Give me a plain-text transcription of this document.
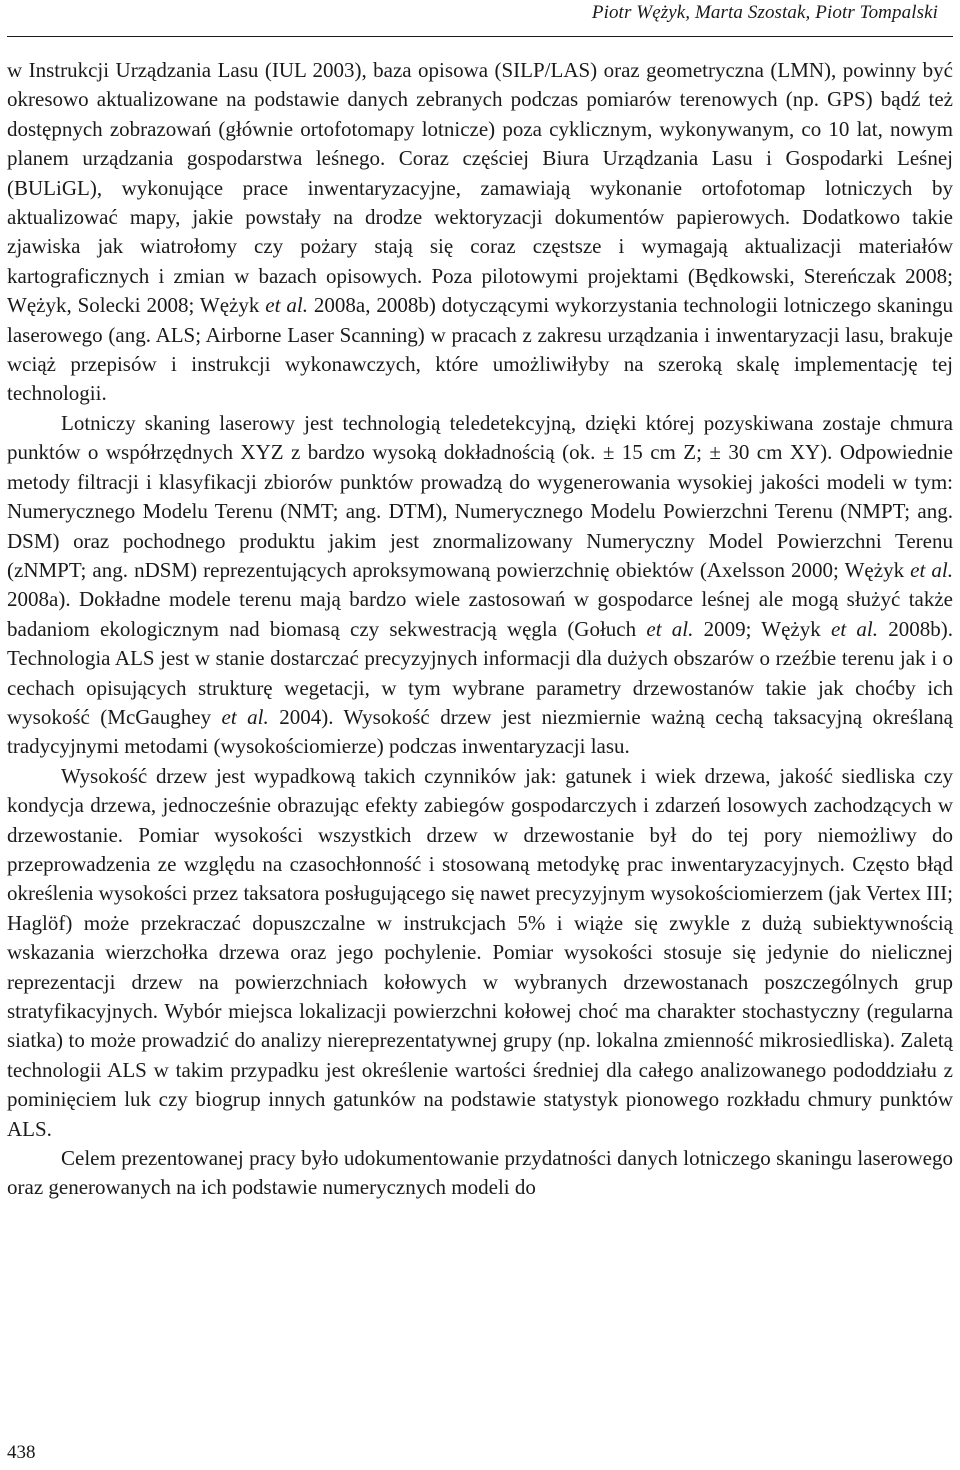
Piotr Wężyk, Marta Szostak, Piotr Tompalski

w Instrukcji Urządzania Lasu (IUL 2003), baza opisowa (SILP/LAS) oraz geometryczna (LMN), powinny być okresowo aktualizowane na podstawie danych zebranych podczas pomiarów terenowych (np. GPS) bądź też dostępnych zobrazowań (głównie ortofotomapy lotnicze) poza cyklicznym, wykonywanym, co 10 lat, nowym planem urządzania gospodarstwa leśnego. Coraz częściej Biura Urządzania Lasu i Gospodarki Leśnej (BULiGL), wykonujące prace inwentaryzacyjne, zamawiają wykonanie ortofotomap lotniczych by aktualizować mapy, jakie powstały na drodze wektoryzacji dokumentów papierowych. Dodatkowo takie zjawiska jak wiatrołomy czy pożary stają się coraz częstsze i wymagają aktualizacji materiałów kartograficznych i zmian w bazach opisowych. Poza pilotowymi projektami (Będkowski, Stereńczak 2008; Wężyk, Solecki 2008; Wężyk et al. 2008a, 2008b) dotyczącymi wykorzystania technologii lotniczego skaningu laserowego (ang. ALS; Airborne Laser Scanning) w pracach z zakresu urządzania i inwentaryzacji lasu, brakuje wciąż przepisów i instrukcji wykonawczych, które umożliwiłyby na szeroką skalę implementację tej technologii.

Lotniczy skaning laserowy jest technologią teledetekcyjną, dzięki której pozyskiwana zostaje chmura punktów o współrzędnych XYZ z bardzo wysoką dokładnością (ok. ± 15 cm Z; ± 30 cm XY). Odpowiednie metody filtracji i klasyfikacji zbiorów punktów prowadzą do wygenerowania wysokiej jakości modeli w tym: Numerycznego Modelu Terenu (NMT; ang. DTM), Numerycznego Modelu Powierzchni Terenu (NMPT; ang. DSM) oraz pochodnego produktu jakim jest znormalizowany Numeryczny Model Powierzchni Terenu (zNMPT; ang. nDSM) reprezentujących aproksymowaną powierzchnię obiektów (Axelsson 2000; Wężyk et al. 2008a). Dokładne modele terenu mają bardzo wiele zastosowań w gospodarce leśnej ale mogą służyć także badaniom ekologicznym nad biomasą czy sekwestracją węgla (Gołuch et al. 2009; Wężyk et al. 2008b). Technologia ALS jest w stanie dostarczać precyzyjnych informacji dla dużych obszarów o rzeźbie terenu jak i o cechach opisujących strukturę wegetacji, w tym wybrane parametry drzewostanów takie jak choćby ich wysokość (McGaughey et al. 2004). Wysokość drzew jest niezmiernie ważną cechą taksacyjną określaną tradycyjnymi metodami (wysokościomierze) podczas inwentaryzacji lasu.

Wysokość drzew jest wypadkową takich czynników jak: gatunek i wiek drzewa, jakość siedliska czy kondycja drzewa, jednocześnie obrazując efekty zabiegów gospodarczych i zdarzeń losowych zachodzących w drzewostanie. Pomiar wysokości wszystkich drzew w drzewostanie był do tej pory niemożliwy do przeprowadzenia ze względu na czasochłonność i stosowaną metodykę prac inwentaryzacyjnych. Często błąd określenia wysokości przez taksatora posługującego się nawet precyzyjnym wysokościomierzem (jak Vertex III; Haglöf) może przekraczać dopuszczalne w instrukcjach 5% i wiąże się zwykle z dużą subiektywnością wskazania wierzchołka drzewa oraz jego pochylenie. Pomiar wysokości stosuje się jedynie do nielicznej reprezentacji drzew na powierzchniach kołowych w wybranych drzewostanach poszczególnych grup stratyfikacyjnych. Wybór miejsca lokalizacji powierzchni kołowej choć ma charakter stochastyczny (regularna siatka) to może prowadzić do analizy niereprezentatywnej grupy (np. lokalna zmienność mikrosiedliska). Zaletą technologii ALS w takim przypadku jest określenie wartości średniej dla całego analizowanego pododdziału z pominięciem luk czy biogrup innych gatunków na podstawie statystyk pionowego rozkładu chmury punktów ALS.

Celem prezentowanej pracy było udokumentowanie przydatności danych lotniczego skaningu laserowego oraz generowanych na ich podstawie numerycznych modeli do

438
